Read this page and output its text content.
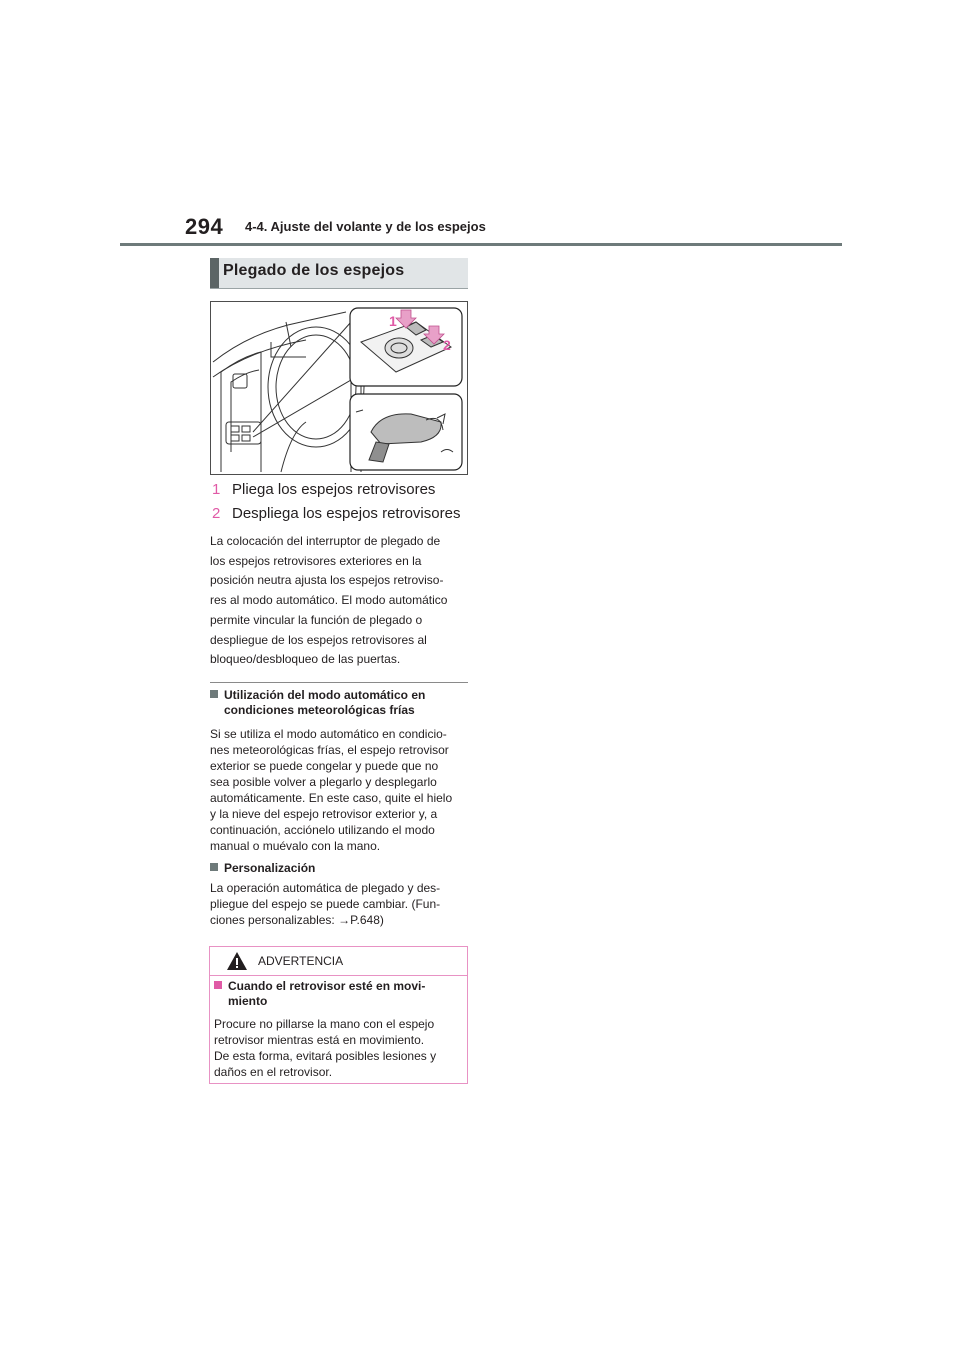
294 4-4. Ajuste del volante y de los espejos
Plegado de los espejos
1
2
1 Pliega los espejos retrovisores
2 Despliega los espejos retrovisores
La colocación del interruptor de plegado de
los espejos retrovisores exteriores en la
posición neutra ajusta los espejos retroviso-
res al modo automático. El modo automático
permite vincular la función de plegado o
despliegue de los espejos retrovisores al
bloqueo/desbloqueo de las puertas.
Utilización del modo automático en
condiciones meteorológicas frías
Si se utiliza el modo automático en condicio-
nes meteorológicas frías, el espejo retrovisor
exterior se puede congelar y puede que no
sea posible volver a plegarlo y desplegarlo
automáticamente. En este caso, quite el hielo
y la nieve del espejo retrovisor exterior y, a
continuación, acciónelo utilizando el modo
manual o muévalo con la mano.
Personalización
La operación automática de plegado y des-
pliegue del espejo se puede cambiar. (Fun-
ciones personalizables: →P.648)
ADVERTENCIA
Cuando el retrovisor esté en movi-
miento
Procure no pillarse la mano con el espejo
retrovisor mientras está en movimiento.
De esta forma, evitará posibles lesiones y
daños en el retrovisor.
